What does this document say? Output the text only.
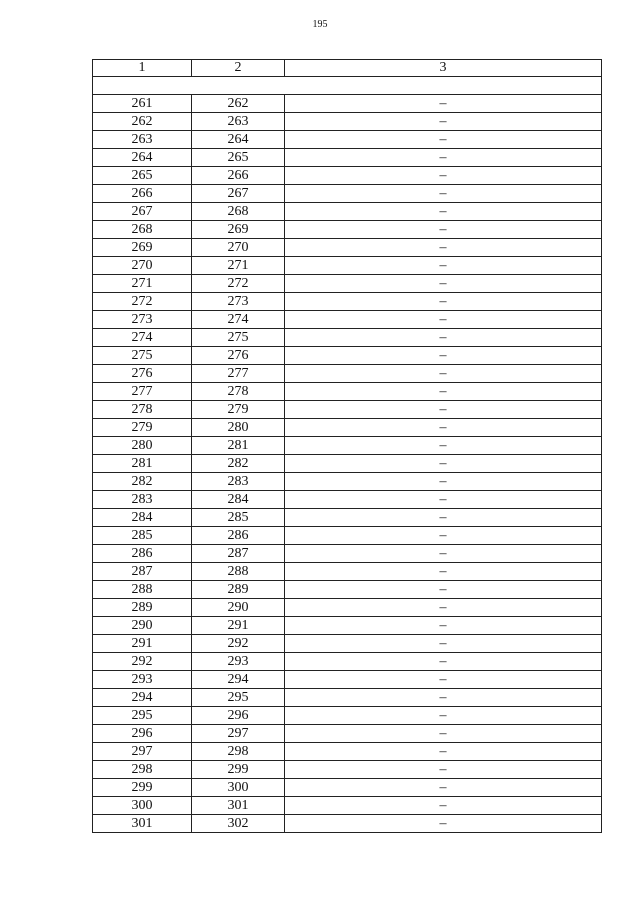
195
1	2	3

261	262	–
262	263	–
263	264	–
264	265	–
265	266	–
266	267	–
267	268	–
268	269	–
269	270	–
270	271	–
271	272	–
272	273	–
273	274	–
274	275	–
275	276	–
276	277	–
277	278	–
278	279	–
279	280	–
280	281	–
281	282	–
282	283	–
283	284	–
284	285	–
285	286	–
286	287	–
287	288	–
288	289	–
289	290	–
290	291	–
291	292	–
292	293	–
293	294	–
294	295	–
295	296	–
296	297	–
297	298	–
298	299	–
299	300	–
300	301	–
301	302	–
